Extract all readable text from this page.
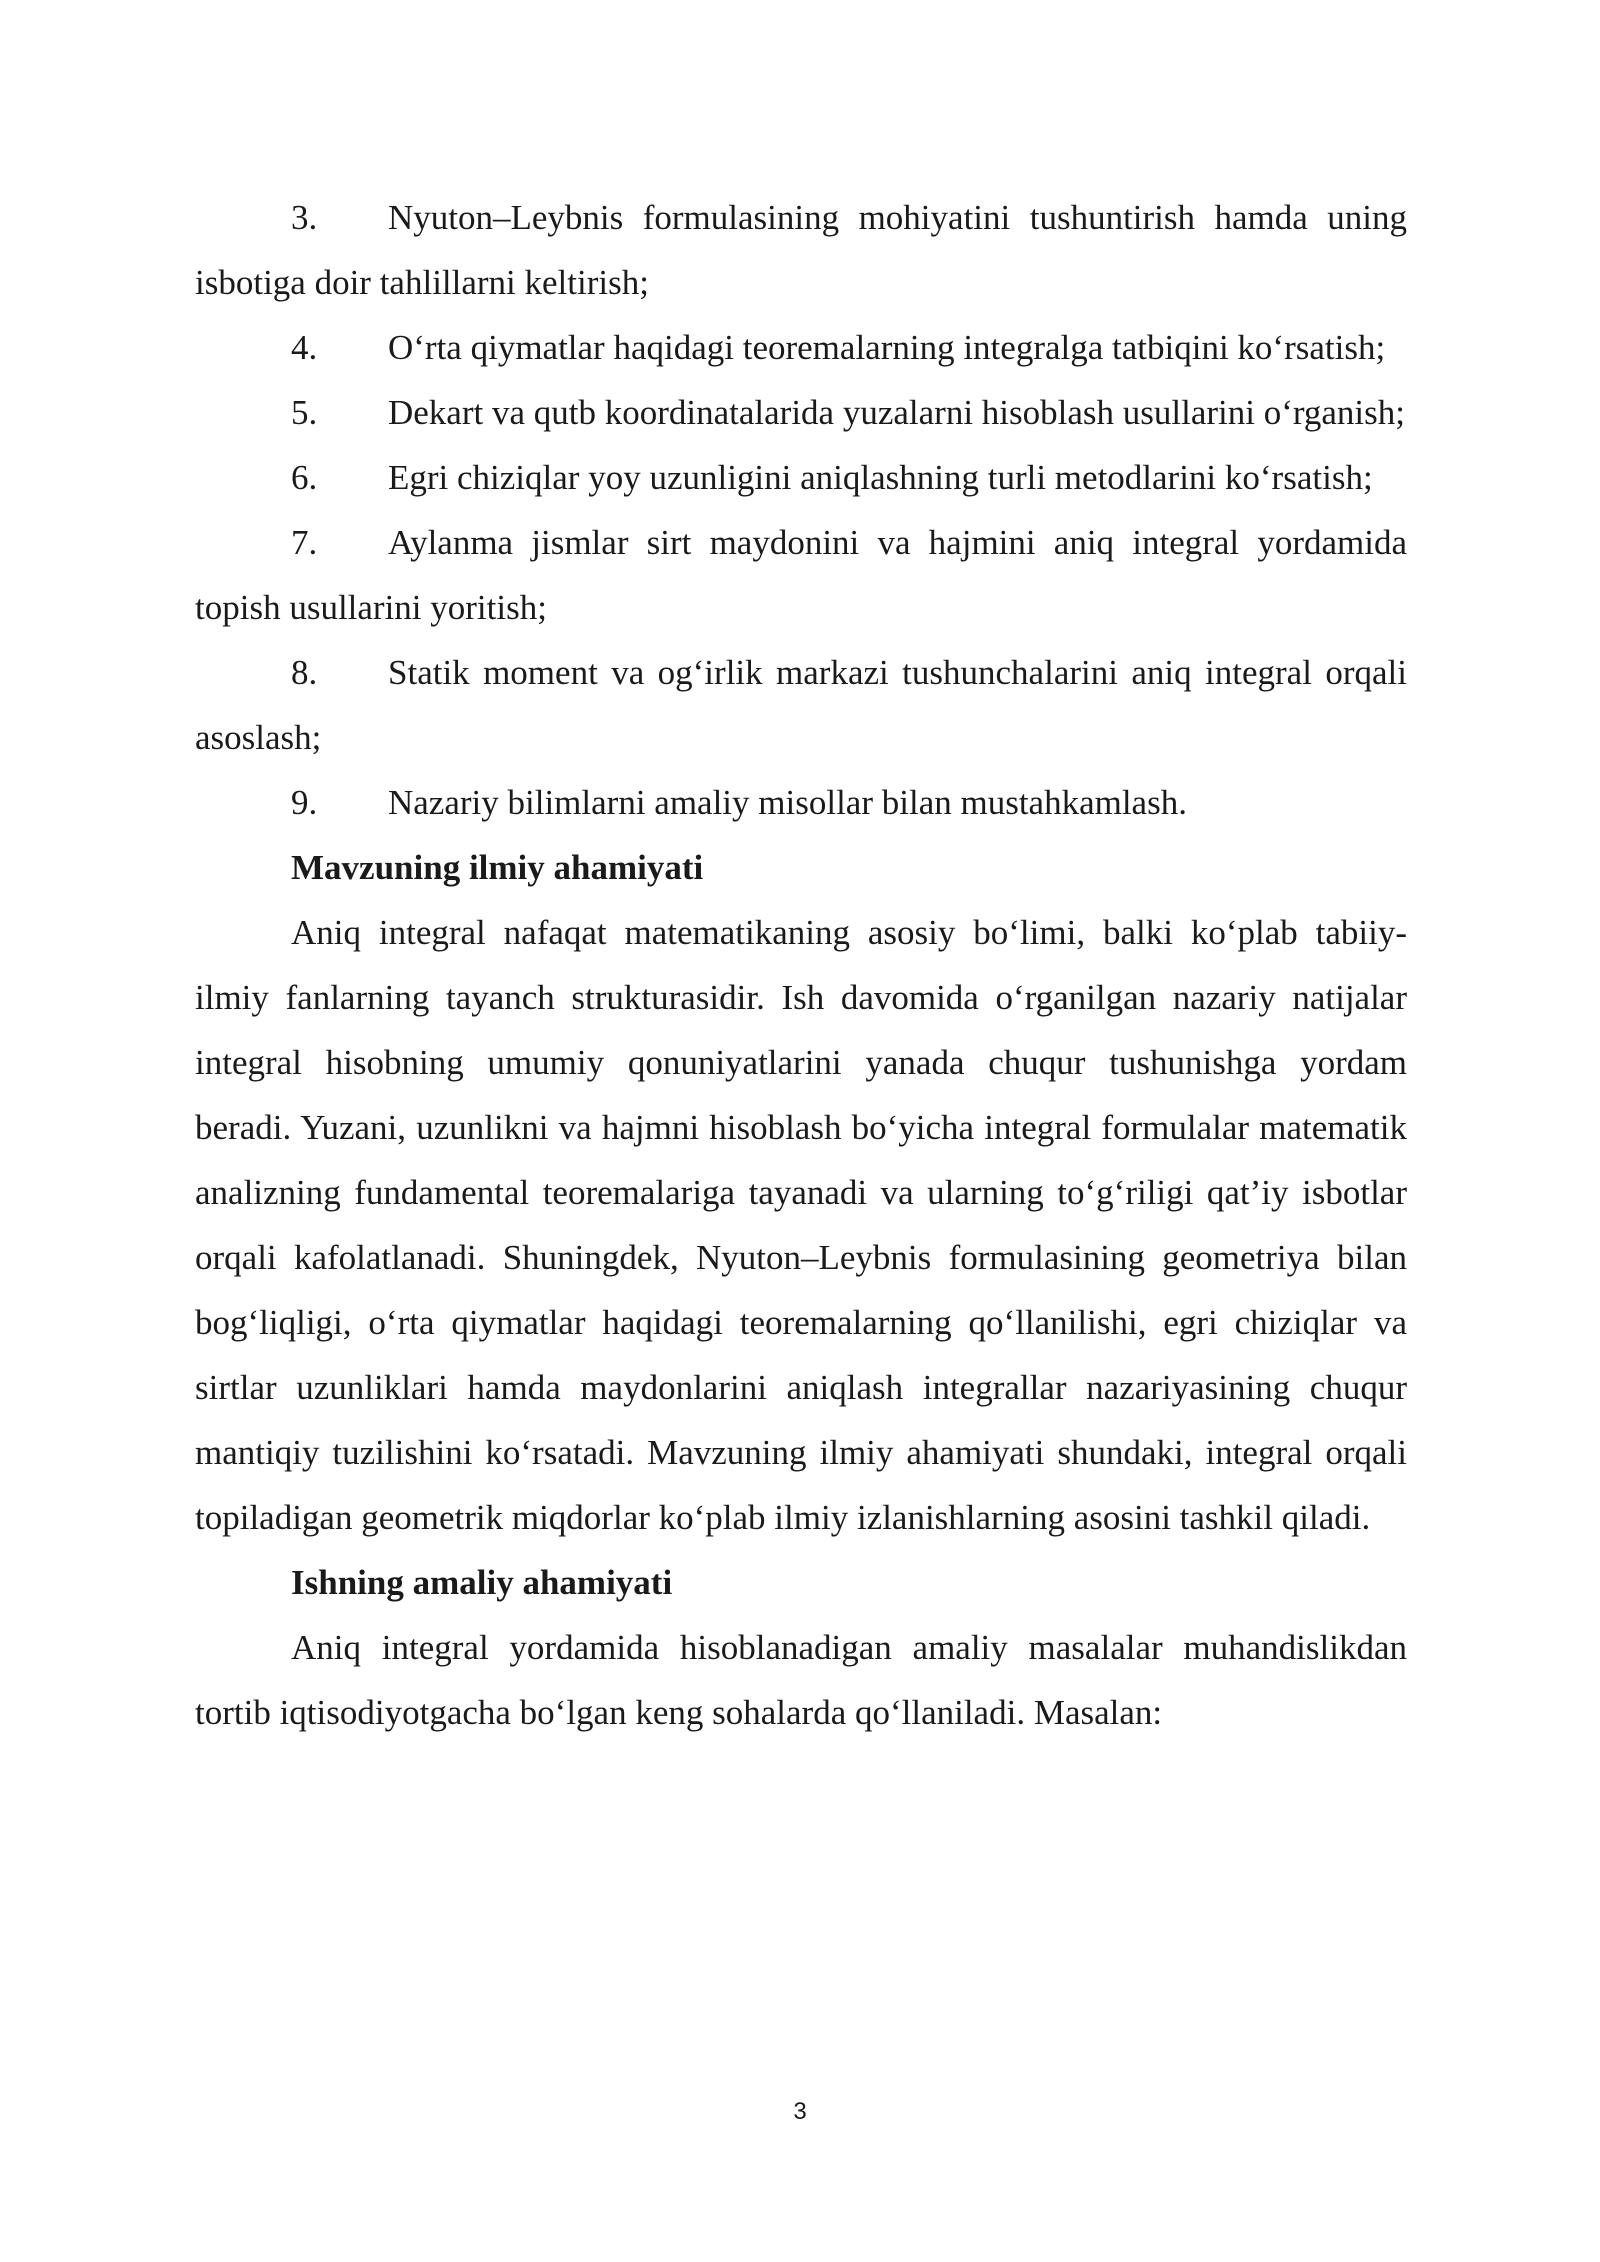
3. Nyuton–Leybnis formulasining mohiyatini tushuntirish hamda uning isbotiga doir tahlillarni keltirish;

4. O‘rta qiymatlar haqidagi teoremalarning integralga tatbiqini ko‘rsatish;

5. Dekart va qutb koordinatalarida yuzalarni hisoblash usullarini o‘rganish;

6. Egri chiziqlar yoy uzunligini aniqlashning turli metodlarini ko‘rsatish;

7. Aylanma jismlar sirt maydonini va hajmini aniq integral yordamida topish usullarini yoritish;

8. Statik moment va og‘irlik markazi tushunchalarini aniq integral orqali asoslash;

9. Nazariy bilimlarni amaliy misollar bilan mustahkamlash.

Mavzuning ilmiy ahamiyati

Aniq integral nafaqat matematikaning asosiy bo‘limi, balki ko‘plab tabiiy-ilmiy fanlarning tayanch strukturasidir. Ish davomida o‘rganilgan nazariy natijalar integral hisobning umumiy qonuniyatlarini yanada chuqur tushunishga yordam beradi. Yuzani, uzunlikni va hajmni hisoblash bo‘yicha integral formulalar matematik analizning fundamental teoremalariga tayanadi va ularning to‘g‘riligi qat’iy isbotlar orqali kafolatlanadi. Shuningdek, Nyuton–Leybnis formulasining geometriya bilan bog‘liqligi, o‘rta qiymatlar haqidagi teoremalarning qo‘llanilishi, egri chiziqlar va sirtlar uzunliklari hamda maydonlarini aniqlash integrallar nazariyasining chuqur mantiqiy tuzilishini ko‘rsatadi. Mavzuning ilmiy ahamiyati shundaki, integral orqali topiladigan geometrik miqdorlar ko‘plab ilmiy izlanishlarning asosini tashkil qiladi.

Ishning amaliy ahamiyati

Aniq integral yordamida hisoblanadigan amaliy masalalar muhandislikdan tortib iqtisodiyotgacha bo‘lgan keng sohalarda qo‘llaniladi. Masalan:

3
